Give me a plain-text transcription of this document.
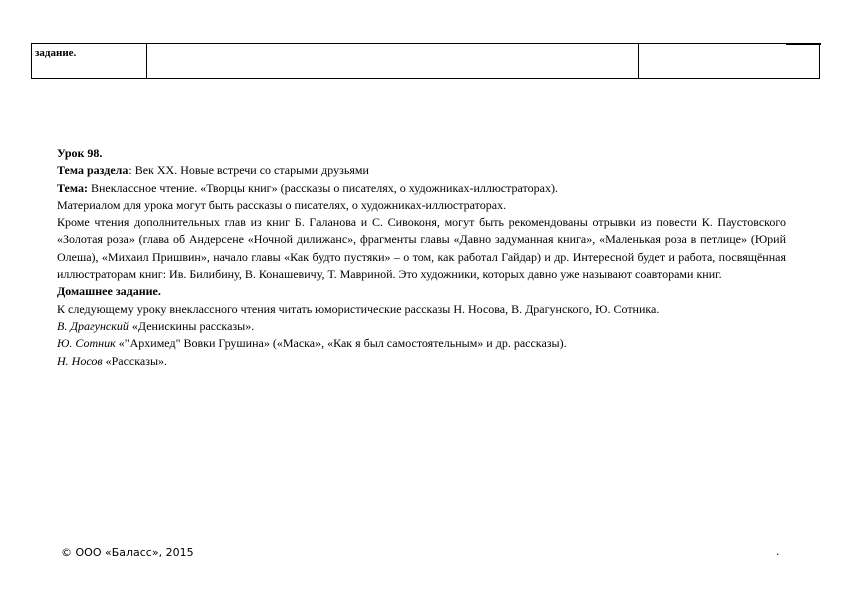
задание.

Урок 98.

Тема раздела: Век XX. Новые встречи со старыми друзьями

Тема: Внеклассное чтение. «Творцы книг» (рассказы о писателях, о художниках-иллюстраторах).

Материалом для урока могут быть рассказы о писателях, о художниках-иллюстраторах.

Кроме чтения дополнительных глав из книг Б. Галанова и С. Сивоконя, могут быть рекомендованы отрывки из повести К. Паустовского «Золотая роза» (глава об Андерсене «Ночной дилижанс», фрагменты главы «Давно задуманная книга», «Маленькая роза в петлице» (Юрий Олеша), «Михаил Пришвин», начало главы «Как будто пустяки» – о том, как работал Гайдар) и др. Интересной будет и работа, посвящённая иллюстраторам книг: Ив. Билибину, В. Конашевичу, Т. Мавриной. Это художники, которых давно уже называют соавторами книг.

Домашнее задание.

К следующему уроку внеклассного чтения читать юмористические рассказы Н. Носова, В. Драгунского, Ю. Сотника.

В. Драгунский «Денискины рассказы».

Ю. Сотник «"Архимед" Вовки Грушина» («Маска», «Как я был самостоятельным» и др. рассказы).

Н. Носов «Рассказы».

© ООО «Баласс», 2015	.
